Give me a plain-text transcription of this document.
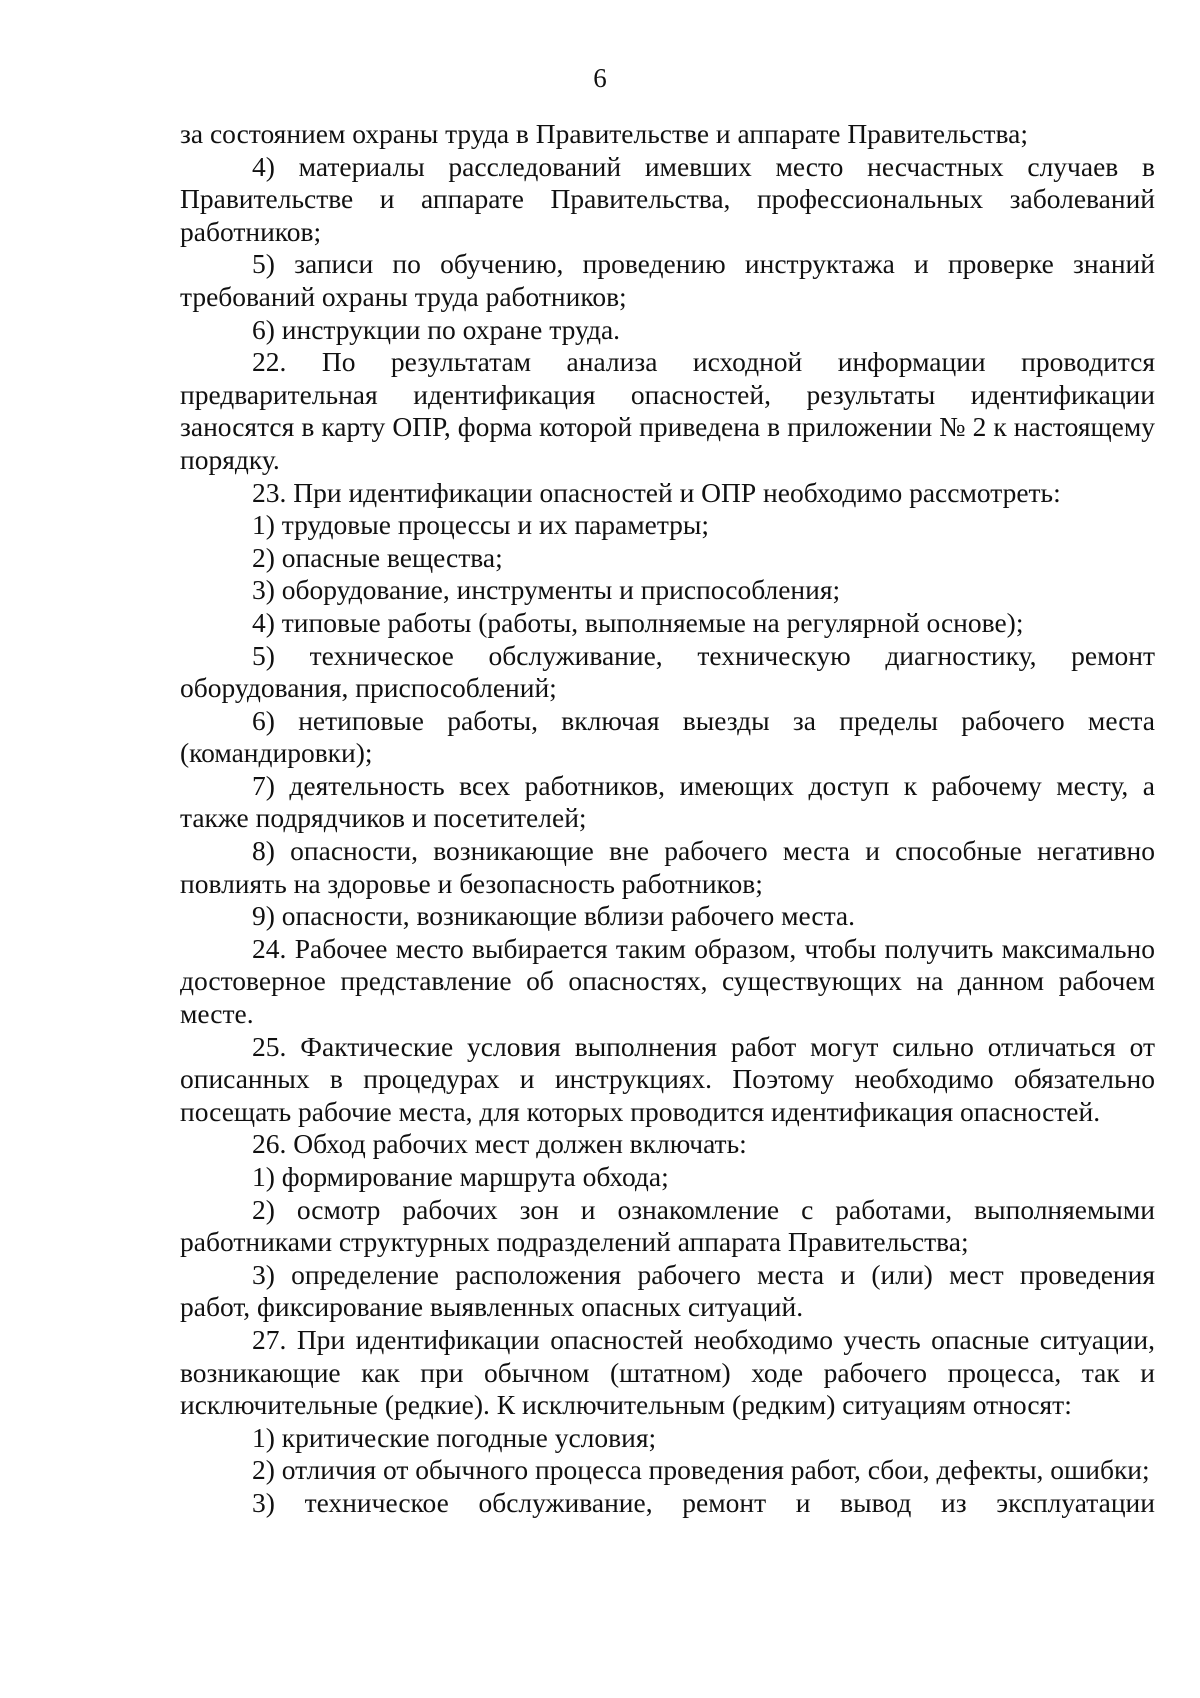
6

за состоянием охраны труда в Правительстве и аппарате Правительства;

4) материалы расследований имевших место несчастных случаев в Правительстве и аппарате Правительства, профессиональных заболеваний работников;

5) записи по обучению, проведению инструктажа и проверке знаний требований охраны труда работников;

6) инструкции по охране труда.

22. По результатам анализа исходной информации проводится предварительная идентификация опасностей, результаты идентификации заносятся в карту ОПР, форма которой приведена в приложении № 2 к настоящему порядку.

23. При идентификации опасностей и ОПР необходимо рассмотреть:

1) трудовые процессы и их параметры;

2) опасные вещества;

3) оборудование, инструменты и приспособления;

4) типовые работы (работы, выполняемые на регулярной основе);

5) техническое обслуживание, техническую диагностику, ремонт оборудования, приспособлений;

6) нетиповые работы, включая выезды за пределы рабочего места (командировки);

7) деятельность всех работников, имеющих доступ к рабочему месту, а также подрядчиков и посетителей;

8) опасности, возникающие вне рабочего места и способные негативно повлиять на здоровье и безопасность работников;

9) опасности, возникающие вблизи рабочего места.

24. Рабочее место выбирается таким образом, чтобы получить максимально достоверное представление об опасностях, существующих на данном рабочем месте.

25. Фактические условия выполнения работ могут сильно отличаться от описанных в процедурах и инструкциях. Поэтому необходимо обязательно посещать рабочие места, для которых проводится идентификация опасностей.

26. Обход рабочих мест должен включать:

1) формирование маршрута обхода;

2) осмотр рабочих зон и ознакомление с работами, выполняемыми работниками структурных подразделений аппарата Правительства;

3) определение расположения рабочего места и (или) мест проведения работ, фиксирование выявленных опасных ситуаций.

27. При идентификации опасностей необходимо учесть опасные ситуации, возникающие как при обычном (штатном) ходе рабочего процесса, так и исключительные (редкие). К исключительным (редким) ситуациям относят:

1) критические погодные условия;

2) отличия от обычного процесса проведения работ, сбои, дефекты, ошибки;

3) техническое обслуживание, ремонт и вывод из эксплуатации
